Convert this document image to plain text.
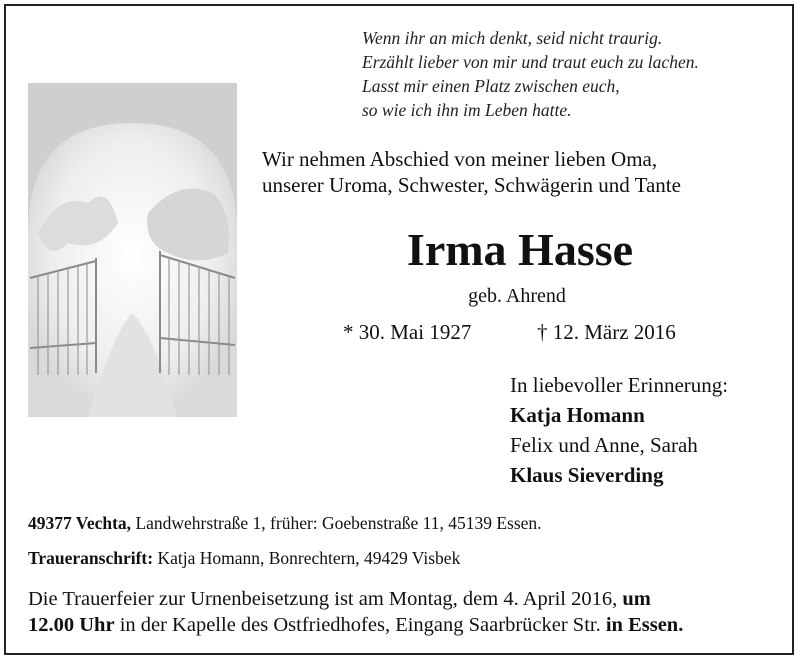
Wenn ihr an mich denkt, seid nicht traurig.
Erzählt lieber von mir und traut euch zu lachen.
Lasst mir einen Platz zwischen euch,
so wie ich ihn im Leben hatte.
Wir nehmen Abschied von meiner lieben Oma,
unserer Uroma, Schwester, Schwägerin und Tante
Irma Hasse
geb. Ahrend
* 30. Mai 1927	† 12. März 2016
In liebevoller Erinnerung:
Katja Homann
Felix und Anne, Sarah
Klaus Sieverding
49377 Vechta, Landwehrstraße 1, früher: Goebenstraße 11, 45139 Essen.
Traueranschrift: Katja Homann, Bonrechtern, 49429 Visbek
Die Trauerfeier zur Urnenbeisetzung ist am Montag, dem 4. April 2016, um
12.00 Uhr in der Kapelle des Ostfriedhofes, Eingang Saarbrücker Str. in Essen.
